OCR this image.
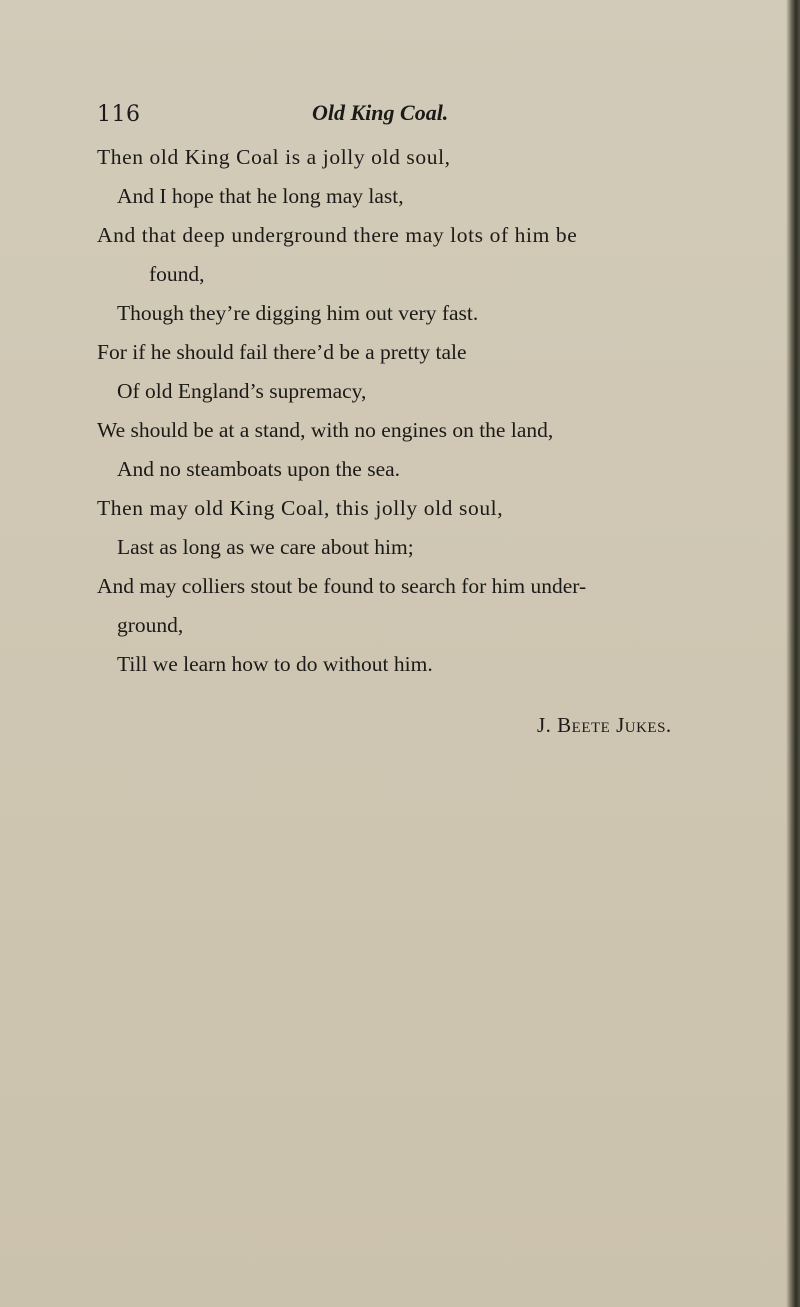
116	Old King Coal.
Then old King Coal is a jolly old soul,
And I hope that he long may last,
And that deep underground there may lots of him be
found,
Though they’re digging him out very fast.
For if he should fail there’d be a pretty tale
Of old England’s supremacy,
We should be at a stand, with no engines on the land,
And no steamboats upon the sea.
Then may old King Coal, this jolly old soul,
Last as long as we care about him;
And may colliers stout be found to search for him under-
ground,
Till we learn how to do without him.
J. Beete Jukes.
